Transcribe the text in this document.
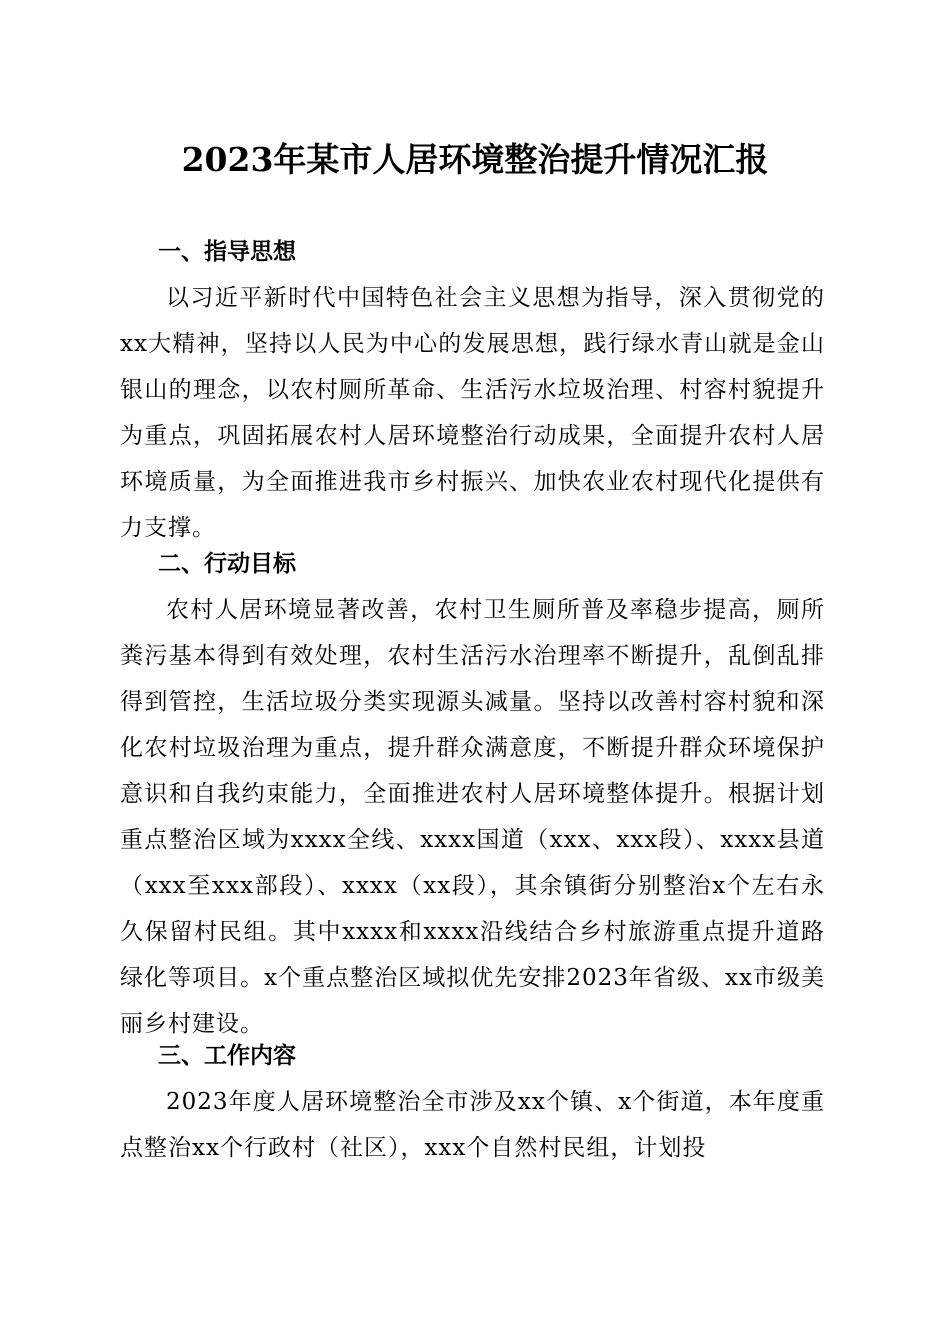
2023年某市人居环境整治提升情况汇报
一、指导思想

以习近平新时代中国特色社会主义思想为指导，深入贯彻党的xx大精神，坚持以人民为中心的发展思想，践行绿水青山就是金山银山的理念，以农村厕所革命、生活污水垃圾治理、村容村貌提升为重点，巩固拓展农村人居环境整治行动成果，全面提升农村人居环境质量，为全面推进我市乡村振兴、加快农业农村现代化提供有力支撑。

二、行动目标

农村人居环境显著改善，农村卫生厕所普及率稳步提高，厕所粪污基本得到有效处理，农村生活污水治理率不断提升，乱倒乱排得到管控，生活垃圾分类实现源头减量。坚持以改善村容村貌和深化农村垃圾治理为重点，提升群众满意度，不断提升群众环境保护意识和自我约束能力，全面推进农村人居环境整体提升。根据计划重点整治区域为xxxx全线、xxxx国道（xxx、xxx段）、xxxx县道（xxx至xxx部段）、xxxx（xx段），其余镇街分别整治x个左右永久保留村民组。其中xxxx和xxxx沿线结合乡村旅游重点提升道路绿化等项目。x个重点整治区域拟优先安排2023年省级、xx市级美丽乡村建设。

三、工作内容

2023年度人居环境整治全市涉及xx个镇、x个街道，本年度重点整治xx个行政村（社区），xxx个自然村民组，计划投
